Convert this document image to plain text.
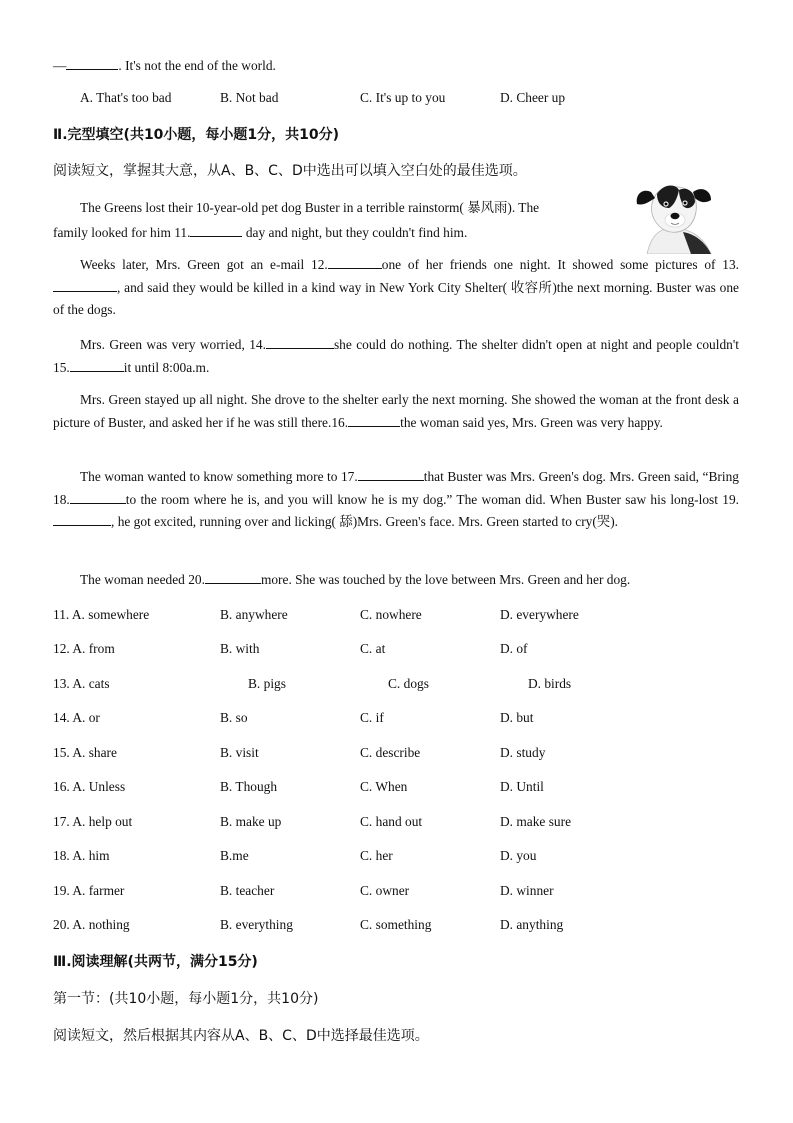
—	. It's not the end of the world.
A. That's too bad	B. Not bad	C. It's up to you	D. Cheer up
Ⅱ.完型填空(共10小题，每小题1分，共10分)
阅读短文，掌握其大意，从A、B、C、D中选出可以填入空白处的最佳选项。
The Greens lost their 10-year-old pet dog Buster in a terrible rainstorm( 暴风雨). The
family looked for him 11.	day and night, but they couldn't find him.
Weeks later, Mrs. Green got an e-mail 12.	one of her friends one night. It showed some pictures of 13., and said they would be killed in a kind way in New York City Shelter( 收容所)the next morning. Buster was one of the dogs.
Mrs. Green was very worried, 14.	she could do nothing. The shelter didn't open at night and people couldn't 15.	it until 8:00a.m.
Mrs. Green stayed up all night. She drove to the shelter early the next morning. She showed the woman at the front desk a picture of Buster, and asked her if he was still there.16.	the woman said yes, Mrs. Green was very happy.
The woman wanted to know something more to 17.	that Buster was Mrs. Green's dog. Mrs. Green said, “Bring 18.	to the room where he is, and you will know he is my dog.” The woman did. When Buster saw his long-lost 19., he got excited, running over and licking( 舔)Mrs. Green's face. Mrs. Green started to cry(哭).
The woman needed 20.	more. She was touched by the love between Mrs. Green and her dog.
11. A. somewhere	B. anywhere	C. nowhere	D. everywhere
12. A. from	B. with	C. at	D. of
13. A. cats	B. pigs	C. dogs	D. birds
14. A. or	B. so	C. if	D. but
15. A. share	B. visit	C. describe	D. study
16. A. Unless	B. Though	C. When	D. Until
17. A. help out	B. make up	C. hand out	D. make sure
18. A. him	B.me	C. her	D. you
19. A. farmer	B. teacher	C. owner	D. winner
20. A. nothing	B. everything	C. something	D. anything
Ⅲ.阅读理解(共两节，满分15分)
第一节：(共10小题，每小题1分，共10分)
阅读短文，然后根据其内容从A、B、C、D中选择最佳选项。
